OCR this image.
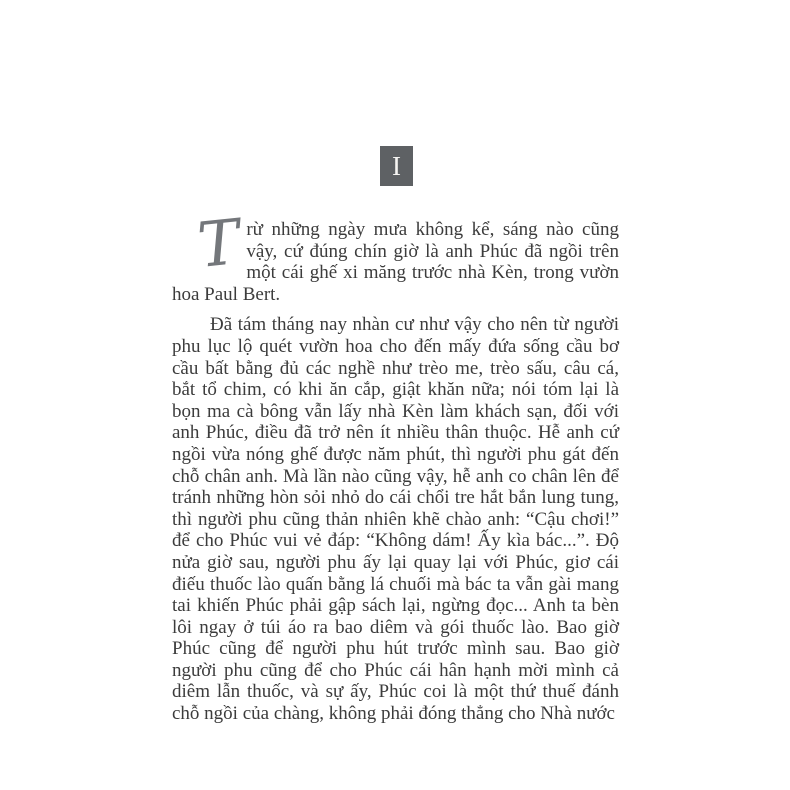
I

Trừ những ngày mưa không kể, sáng nào cũng vậy, cứ đúng chín giờ là anh Phúc đã ngồi trên một cái ghế xi măng trước nhà Kèn, trong vườn hoa Paul Bert.

Đã tám tháng nay nhàn cư như vậy cho nên từ người phu lục lộ quét vườn hoa cho đến mấy đứa sống cầu bơ cầu bất bằng đủ các nghề như trèo me, trèo sấu, câu cá, bắt tổ chim, có khi ăn cắp, giật khăn nữa; nói tóm lại là bọn ma cà bông vẫn lấy nhà Kèn làm khách sạn, đối với anh Phúc, điều đã trở nên ít nhiều thân thuộc. Hễ anh cứ ngồi vừa nóng ghế được năm phút, thì người phu gát đến chỗ chân anh. Mà lần nào cũng vậy, hễ anh co chân lên để tránh những hòn sỏi nhỏ do cái chổi tre hắt bắn lung tung, thì người phu cũng thản nhiên khẽ chào anh: “Cậu chơi!” để cho Phúc vui vẻ đáp: “Không dám! Ấy kìa bác...”. Độ nửa giờ sau, người phu ấy lại quay lại với Phúc, giơ cái điếu thuốc lào quấn bằng lá chuối mà bác ta vẫn gài mang tai khiến Phúc phải gập sách lại, ngừng đọc... Anh ta bèn lôi ngay ở túi áo ra bao diêm và gói thuốc lào. Bao giờ Phúc cũng để người phu hút trước mình sau. Bao giờ người phu cũng để cho Phúc cái hân hạnh mời mình cả diêm lẫn thuốc, và sự ấy, Phúc coi là một thứ thuế đánh chỗ ngồi của chàng, không phải đóng thẳng cho Nhà nước
